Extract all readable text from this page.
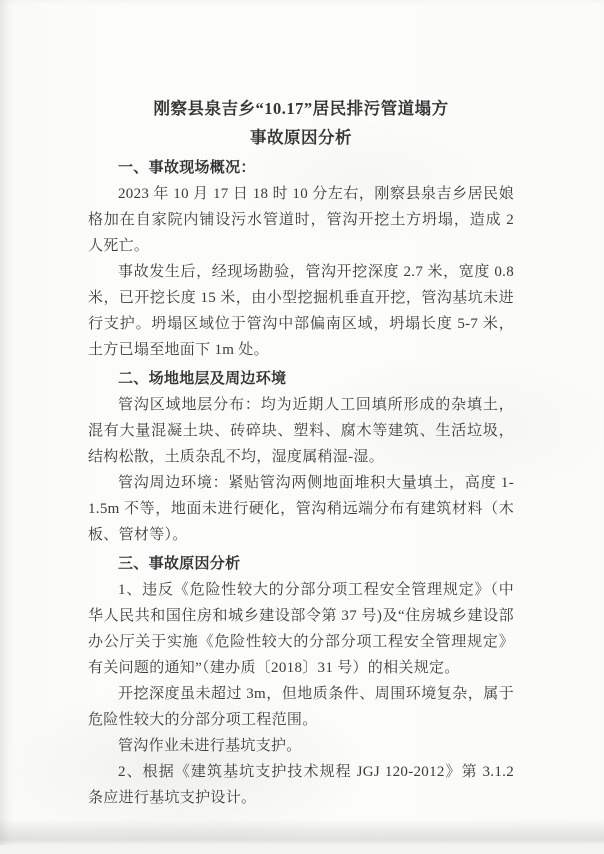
刚察县泉吉乡“10.17”居民排污管道塌方
事故原因分析
一、事故现场概况：

2023 年 10 月 17 日 18 时 10 分左右，刚察县泉吉乡居民娘格加在自家院内铺设污水管道时，管沟开挖土方坍塌，造成 2 人死亡。

事故发生后，经现场勘验，管沟开挖深度 2.7 米，宽度 0.8 米，已开挖长度 15 米，由小型挖掘机垂直开挖，管沟基坑未进行支护。坍塌区域位于管沟中部偏南区域，坍塌长度 5-7 米，土方已塌至地面下 1m 处。

二、场地地层及周边环境

管沟区域地层分布：均为近期人工回填所形成的杂填土，混有大量混凝土块、砖碎块、塑料、腐木等建筑、生活垃圾，结构松散，土质杂乱不均，湿度属稍湿-湿。

管沟周边环境：紧贴管沟两侧地面堆积大量填土，高度 1-1.5m 不等，地面未进行硬化，管沟稍远端分布有建筑材料（木板、管材等）。

三、事故原因分析

1、违反《危险性较大的分部分项工程安全管理规定》（中华人民共和国住房和城乡建设部令第 37 号)及“住房城乡建设部办公厅关于实施《危险性较大的分部分项工程安全管理规定》有关问题的通知”（建办质〔2018〕31 号）的相关规定。

开挖深度虽未超过 3m，但地质条件、周围环境复杂，属于危险性较大的分部分项工程范围。

管沟作业未进行基坑支护。

2、根据《建筑基坑支护技术规程 JGJ 120-2012》第 3.1.2 条应进行基坑支护设计。
